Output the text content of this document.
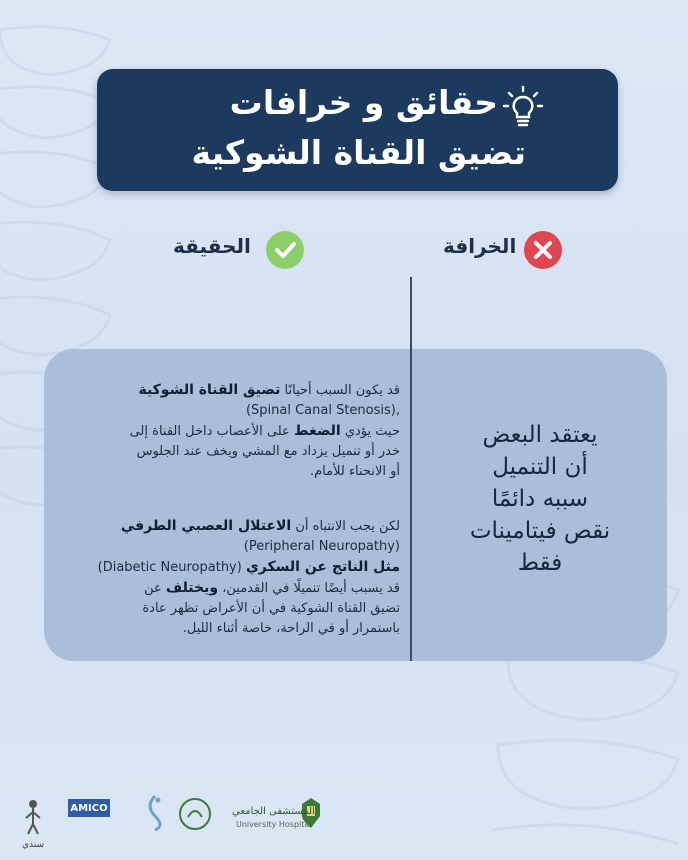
حقائق و خرافات
تضيق القناة الشوكية
الخرافة
الحقيقة
يعتقد البعض
أن التنميل
سببه دائمًا
نقص فيتامينات
فقط
قد يكون السبب أحيانًا تضيق القناة الشوكية
(Spinal Canal Stenosis),
حيث يؤدي الضغط على الأعصاب داخل القناة إلى
خدر أو تنميل يزداد مع المشي ويخف عند الجلوس
أو الانحناء للأمام.
لكن يجب الانتباه أن الاعتلال العصبي الطرفي
(Peripheral Neuropathy)
مثل الناتج عن السكري (Diabetic Neuropathy)
قد يسبب أيضًا تنميلًا في القدمين، ويختلف عن
تضيق القناة الشوكية في أن الأعراض تظهر عادة
باستمرار أو في الراحة، خاصة أثناء الليل.
المستشفى الجامعي
University Hospital
AMICO
سندي
